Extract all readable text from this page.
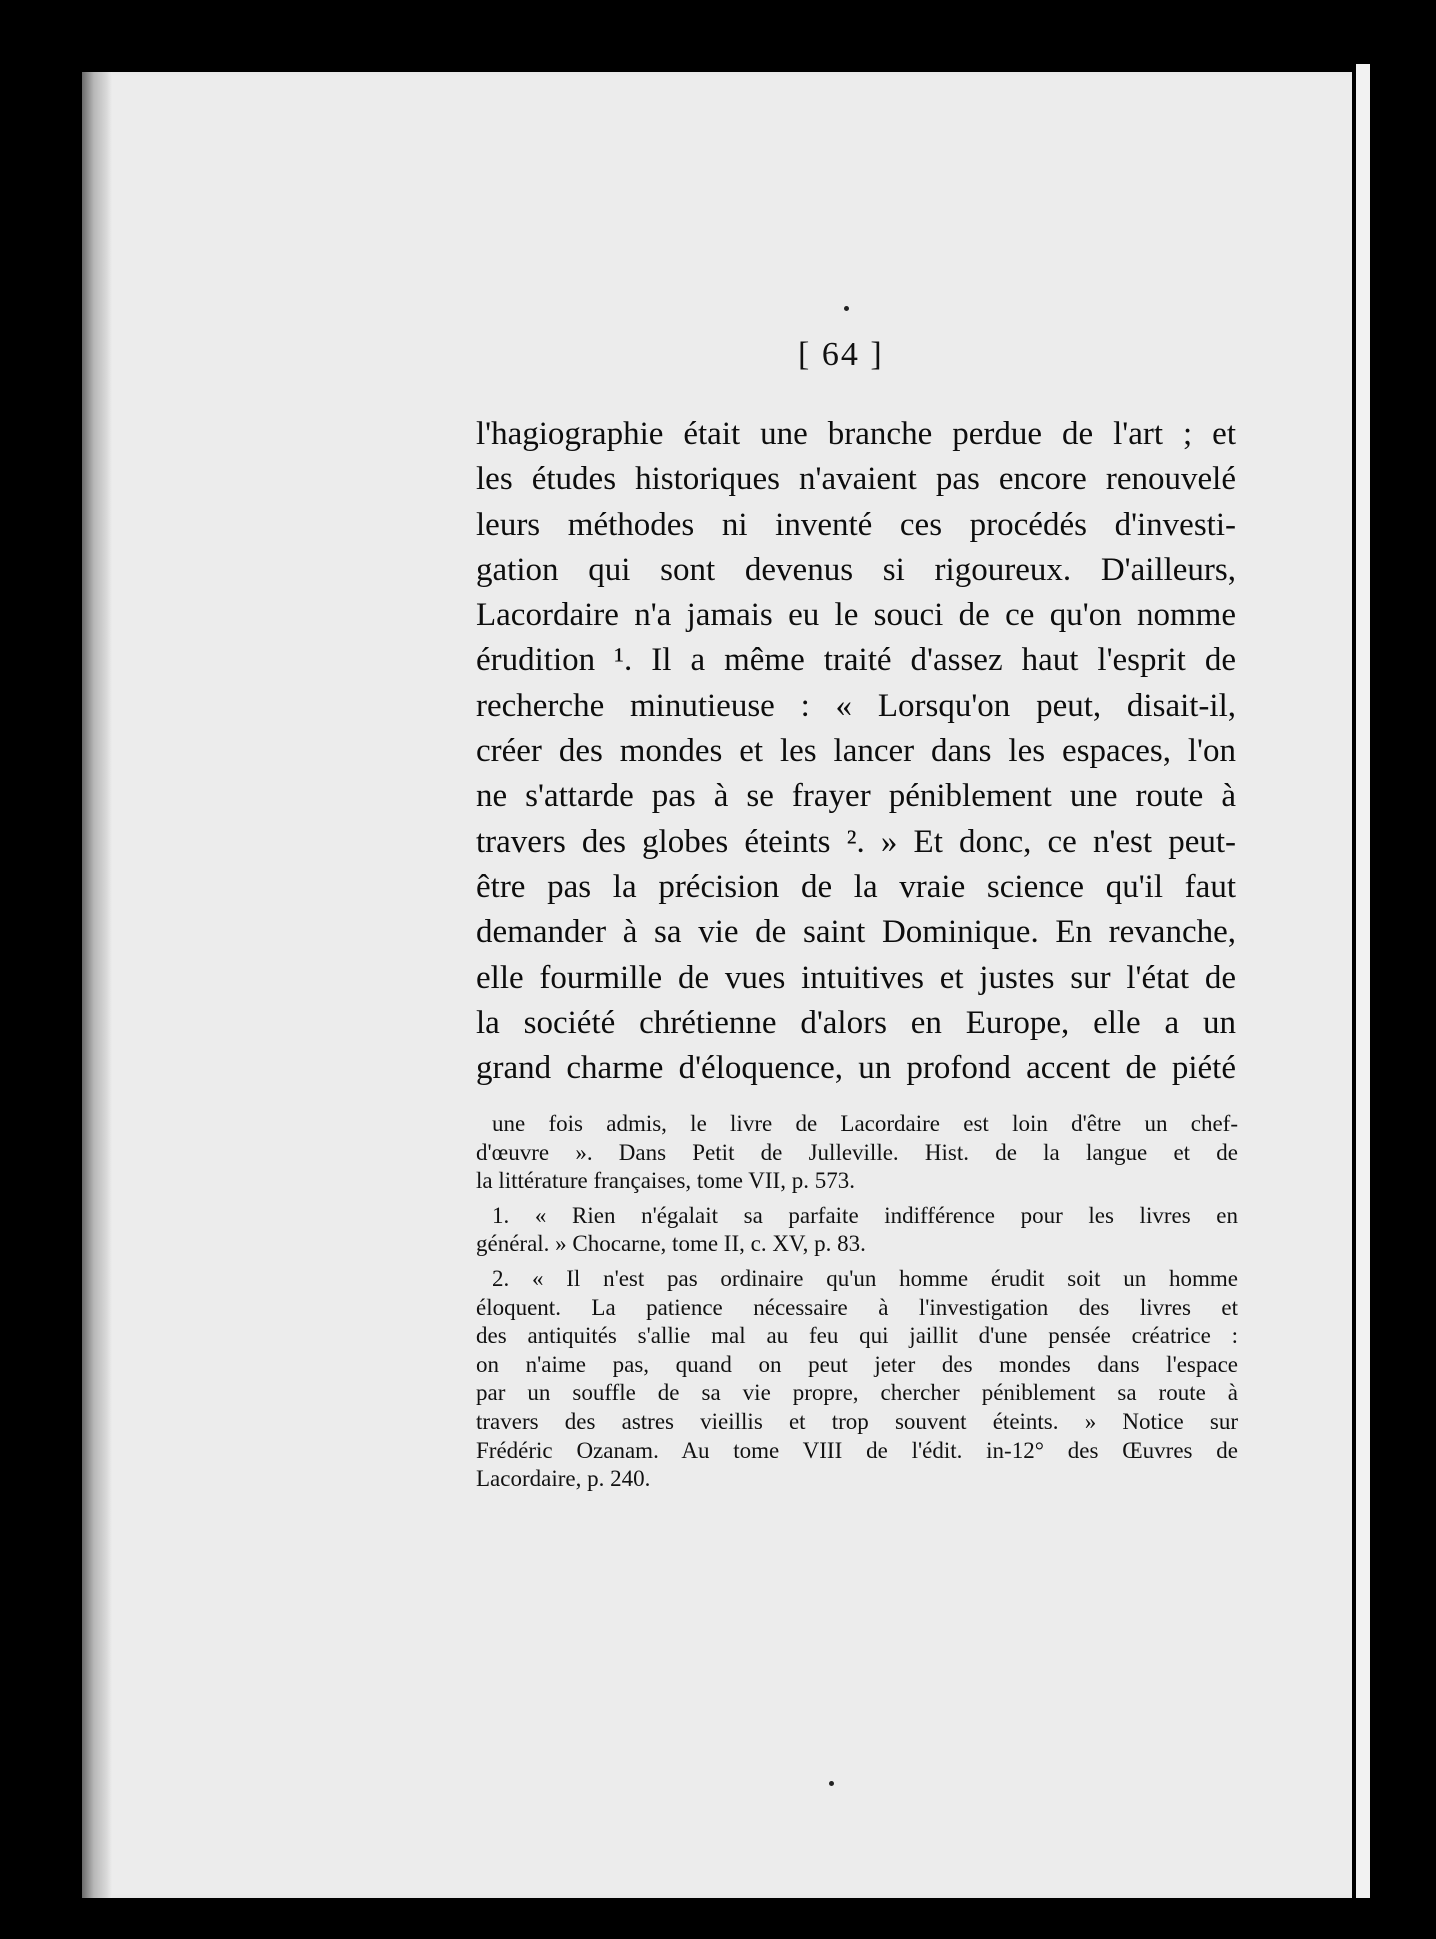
[ 64 ]
l'hagiographie était une branche perdue de l'art ; et
les études historiques n'avaient pas encore renouvelé
leurs méthodes ni inventé ces procédés d'investi-
gation qui sont devenus si rigoureux. D'ailleurs,
Lacordaire n'a jamais eu le souci de ce qu'on nomme
érudition ¹. Il a même traité d'assez haut l'esprit de
recherche minutieuse : « Lorsqu'on peut, disait-il,
créer des mondes et les lancer dans les espaces, l'on
ne s'attarde pas à se frayer péniblement une route à
travers des globes éteints ². » Et donc, ce n'est peut-
être pas la précision de la vraie science qu'il faut
demander à sa vie de saint Dominique. En revanche,
elle fourmille de vues intuitives et justes sur l'état de
la société chrétienne d'alors en Europe, elle a un
grand charme d'éloquence, un profond accent de piété
une fois admis, le livre de Lacordaire est loin d'être un chef-
d'œuvre ». Dans Petit de Julleville. Hist. de la langue et de
la littérature françaises, tome VII, p. 573.
1. « Rien n'égalait sa parfaite indifférence pour les livres en
général. » Chocarne, tome II, c. XV, p. 83.
2. « Il n'est pas ordinaire qu'un homme érudit soit un homme
éloquent. La patience nécessaire à l'investigation des livres et
des antiquités s'allie mal au feu qui jaillit d'une pensée créatrice :
on n'aime pas, quand on peut jeter des mondes dans l'espace
par un souffle de sa vie propre, chercher péniblement sa route à
travers des astres vieillis et trop souvent éteints. » Notice sur
Frédéric Ozanam. Au tome VIII de l'édit. in-12° des Œuvres de
Lacordaire, p. 240.
